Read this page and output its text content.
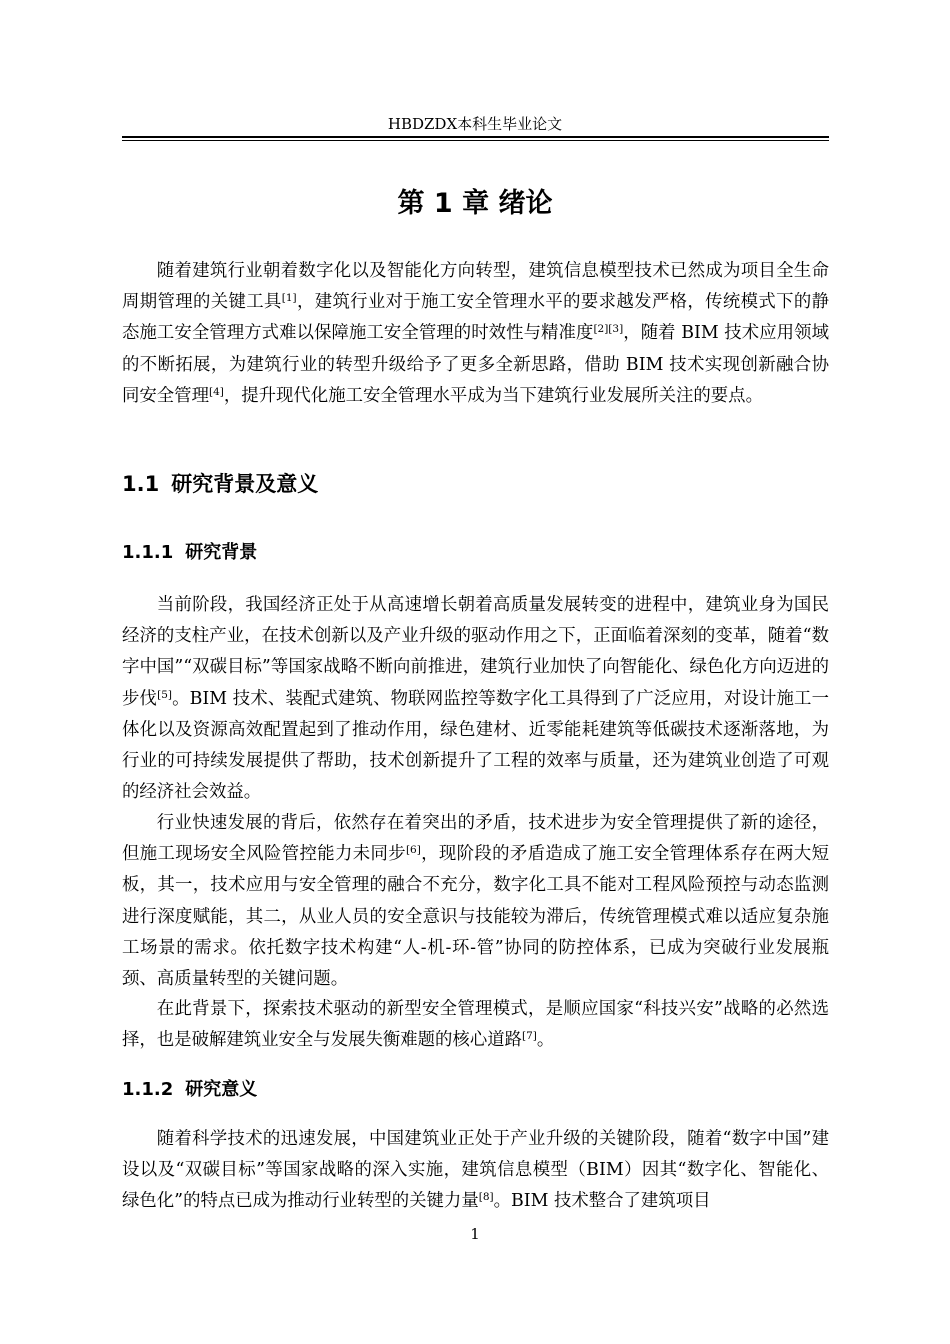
HBDZDX本科生毕业论文
第 1 章 绪论

随着建筑行业朝着数字化以及智能化方向转型，建筑信息模型技术已然成为项目全生命周期管理的关键工具[1]，建筑行业对于施工安全管理水平的要求越发严格，传统模式下的静态施工安全管理方式难以保障施工安全管理的时效性与精准度[2][3]，随着 BIM 技术应用领域的不断拓展，为建筑行业的转型升级给予了更多全新思路，借助 BIM 技术实现创新融合协同安全管理[4]，提升现代化施工安全管理水平成为当下建筑行业发展所关注的要点。

1.1 研究背景及意义
1.1.1 研究背景

当前阶段，我国经济正处于从高速增长朝着高质量发展转变的进程中，建筑业身为国民经济的支柱产业，在技术创新以及产业升级的驱动作用之下，正面临着深刻的变革，随着“数字中国”“双碳目标”等国家战略不断向前推进，建筑行业加快了向智能化、绿色化方向迈进的步伐[5]。BIM 技术、装配式建筑、物联网监控等数字化工具得到了广泛应用，对设计施工一体化以及资源高效配置起到了推动作用，绿色建材、近零能耗建筑等低碳技术逐渐落地，为行业的可持续发展提供了帮助，技术创新提升了工程的效率与质量，还为建筑业创造了可观的经济社会效益。

行业快速发展的背后，依然存在着突出的矛盾，技术进步为安全管理提供了新的途径，但施工现场安全风险管控能力未同步[6]，现阶段的矛盾造成了施工安全管理体系存在两大短板，其一，技术应用与安全管理的融合不充分，数字化工具不能对工程风险预控与动态监测进行深度赋能，其二，从业人员的安全意识与技能较为滞后，传统管理模式难以适应复杂施工场景的需求。依托数字技术构建“人-机-环-管”协同的防控体系，已成为突破行业发展瓶颈、高质量转型的关键问题。

在此背景下，探索技术驱动的新型安全管理模式，是顺应国家“科技兴安”战略的必然选择，也是破解建筑业安全与发展失衡难题的核心道路[7]。

1.1.2 研究意义

随着科学技术的迅速发展，中国建筑业正处于产业升级的关键阶段，随着“数字中国”建设以及“双碳目标”等国家战略的深入实施，建筑信息模型（BIM）因其“数字化、智能化、绿色化”的特点已成为推动行业转型的关键力量[8]。BIM 技术整合了建筑项目

1
